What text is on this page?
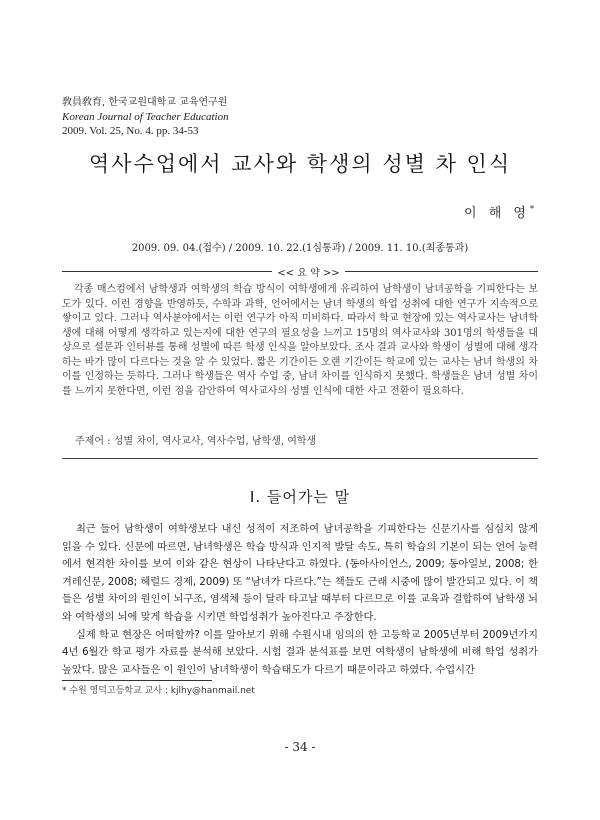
敎員敎育, 한국교원대학교 교육연구원
Korean Journal of Teacher Education
2009. Vol. 25, No. 4. pp. 34-53
역사수업에서 교사와 학생의 성별 차 인식
이 해 영*
2009. 09. 04.(접수) / 2009. 10. 22.(1심통과) / 2009. 11. 10.(최종통과)
<< 요 약 >>
각종 매스컴에서 남학생과 여학생의 학습 방식이 여학생에게 유리하여 남학생이 남녀공학을 기피한다는 보도가 있다. 이런 경향을 반영하듯, 수학과 과학, 언어에서는 남녀 학생의 학업 성취에 대한 연구가 지속적으로 쌓이고 있다. 그러나 역사분야에서는 이런 연구가 아직 미비하다. 따라서 학교 현장에 있는 역사교사는 남녀학생에 대해 어떻게 생각하고 있는지에 대한 연구의 필요성을 느끼고 15명의 역사교사와 301명의 학생들을 대상으로 설문과 인터뷰를 통해 성별에 따른 학생 인식을 알아보았다. 조사 결과 교사와 학생이 성별에 대해 생각하는 바가 많이 다르다는 것을 알 수 있었다. 짧은 기간이든 오랜 기간이든 학교에 있는 교사는 남녀 학생의 차이를 인정하는 듯하다. 그러나 학생들은 역사 수업 중, 남녀 차이를 인식하지 못했다. 학생들은 남녀 성별 차이를 느끼지 못한다면, 이런 점을 감안하여 역사교사의 성별 인식에 대한 사고 전환이 필요하다.
주제어 : 성별 차이, 역사교사, 역사수업, 남학생, 여학생
Ⅰ. 들어가는 말

최근 들어 남학생이 여학생보다 내신 성적이 저조하여 남녀공학을 기피한다는 신문기사를 심심치 않게 읽을 수 있다. 신문에 따르면, 남녀학생은 학습 방식과 인지적 발달 속도, 특히 학습의 기본이 되는 언어 능력에서 현격한 차이를 보여 이와 같은 현상이 나타난다고 하였다. (동아사이언스, 2009; 동아일보, 2008; 한겨레신문, 2008; 헤럴드 경제, 2009) 또 “남녀가 다르다.”는 책들도 근래 시중에 많이 발간되고 있다. 이 책들은 성별 차이의 원인이 뇌구조, 염색체 등이 달라 타고날 때부터 다르므로 이를 교육과 결합하여 남학생 뇌와 여학생의 뇌에 맞게 학습을 시키면 학업성취가 높아진다고 주장한다.

실제 학교 현장은 어떠할까? 이를 알아보기 위해 수원시내 임의의 한 고등학교 2005년부터 2009년가지 4년 6월간 학교 평가 자료를 분석해 보았다. 시험 결과 분석표를 보면 여학생이 남학생에 비해 학업 성취가 높았다. 많은 교사들은 이 원인이 남녀학생이 학습태도가 다르기 때문이라고 하였다. 수업시간

* 수원 영덕고등학교 교사 : kjlhy@hanmail.net
- 34 -
